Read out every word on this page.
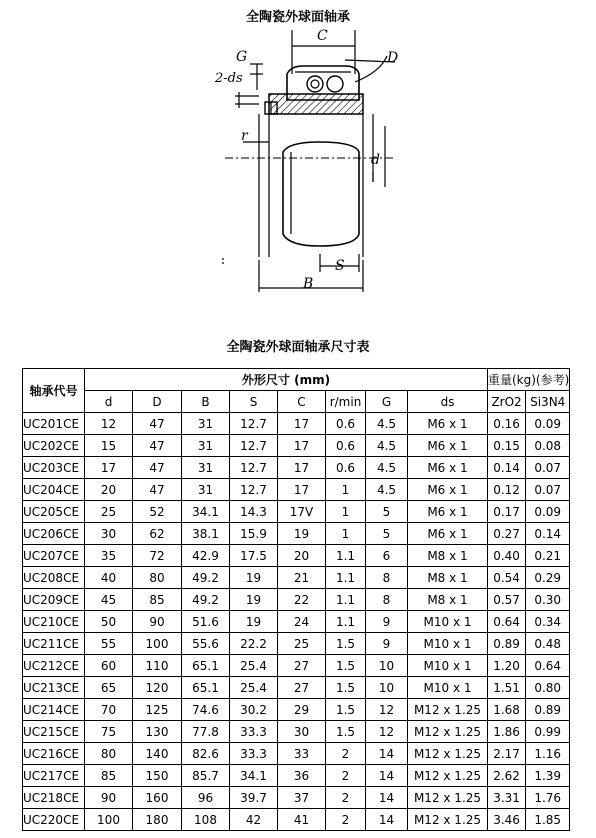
全陶瓷外球面轴承
C
G
2-ds
D
r
d
S
B
全陶瓷外球面轴承尺寸表
轴承代号	外形尺寸 (mm)								重量(kg)(参考)	
	d	D	B	S	C	r/min	G	ds	ZrO2	Si3N4
UC201CE	12	47	31	12.7	17	0.6	4.5	M6 x 1	0.16	0.09
UC202CE	15	47	31	12.7	17	0.6	4.5	M6 x 1	0.15	0.08
UC203CE	17	47	31	12.7	17	0.6	4.5	M6 x 1	0.14	0.07
UC204CE	20	47	31	12.7	17	1	4.5	M6 x 1	0.12	0.07
UC205CE	25	52	34.1	14.3	17V	1	5	M6 x 1	0.17	0.09
UC206CE	30	62	38.1	15.9	19	1	5	M6 x 1	0.27	0.14
UC207CE	35	72	42.9	17.5	20	1.1	6	M8 x 1	0.40	0.21
UC208CE	40	80	49.2	19	21	1.1	8	M8 x 1	0.54	0.29
UC209CE	45	85	49.2	19	22	1.1	8	M8 x 1	0.57	0.30
UC210CE	50	90	51.6	19	24	1.1	9	M10 x 1	0.64	0.34
UC211CE	55	100	55.6	22.2	25	1.5	9	M10 x 1	0.89	0.48
UC212CE	60	110	65.1	25.4	27	1.5	10	M10 x 1	1.20	0.64
UC213CE	65	120	65.1	25.4	27	1.5	10	M10 x 1	1.51	0.80
UC214CE	70	125	74.6	30.2	29	1.5	12	M12 x 1.25	1.68	0.89
UC215CE	75	130	77.8	33.3	30	1.5	12	M12 x 1.25	1.86	0.99
UC216CE	80	140	82.6	33.3	33	2	14	M12 x 1.25	2.17	1.16
UC217CE	85	150	85.7	34.1	36	2	14	M12 x 1.25	2.62	1.39
UC218CE	90	160	96	39.7	37	2	14	M12 x 1.25	3.31	1.76
UC220CE	100	180	108	42	41	2	14	M12 x 1.25	3.46	1.85
